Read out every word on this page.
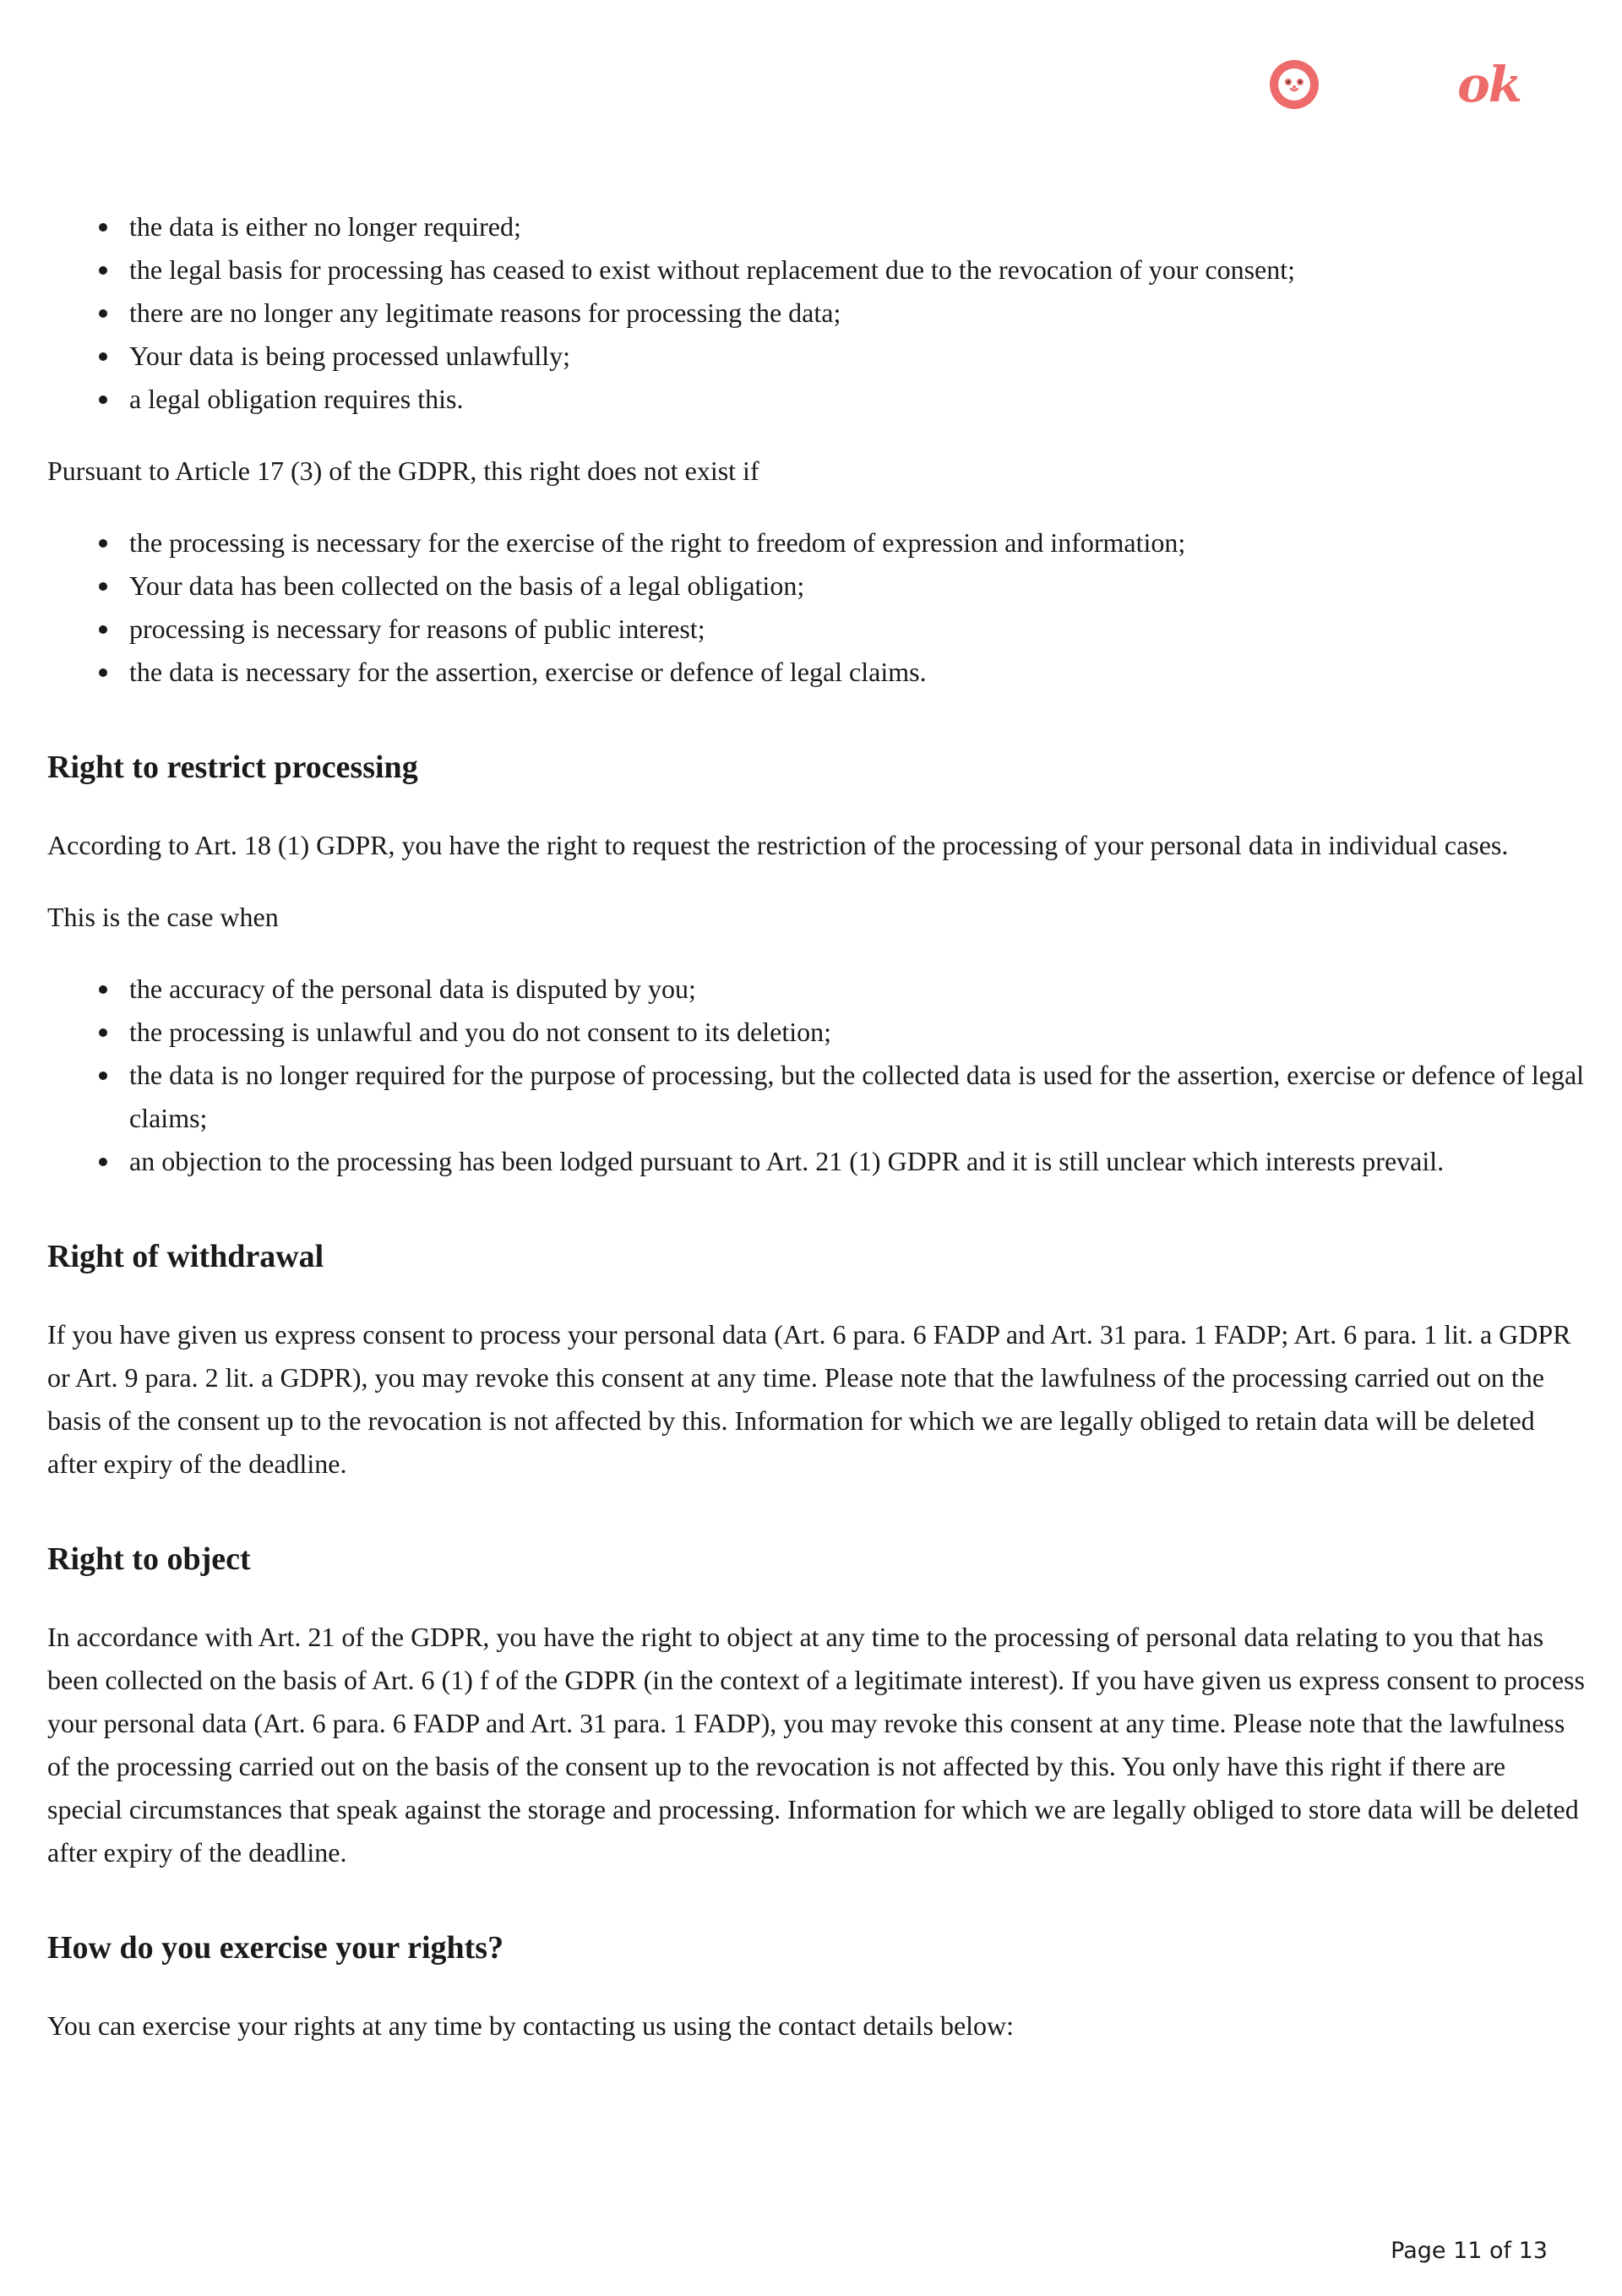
ok
the data is either no longer required;
the legal basis for processing has ceased to exist without replacement due to the revocation of your consent;
there are no longer any legitimate reasons for processing the data;
Your data is being processed unlawfully;
a legal obligation requires this.

Pursuant to Article 17 (3) of the GDPR, this right does not exist if

the processing is necessary for the exercise of the right to freedom of expression and information;
Your data has been collected on the basis of a legal obligation;
processing is necessary for reasons of public interest;
the data is necessary for the assertion, exercise or defence of legal claims.
Right to restrict processing

According to Art. 18 (1) GDPR, you have the right to request the restriction of the processing of your personal data in individual cases.

This is the case when

the accuracy of the personal data is disputed by you;
the processing is unlawful and you do not consent to its deletion;
the data is no longer required for the purpose of processing, but the collected data is used for the assertion, exercise or defence of legal claims;
an objection to the processing has been lodged pursuant to Art. 21 (1) GDPR and it is still unclear which interests prevail.
Right of withdrawal

If you have given us express consent to process your personal data (Art. 6 para. 6 FADP and Art. 31 para. 1 FADP; Art. 6 para. 1 lit. a GDPR or Art. 9 para. 2 lit. a GDPR), you may revoke this consent at any time. Please note that the lawfulness of the processing carried out on the basis of the consent up to the revocation is not affected by this. Information for which we are legally obliged to retain data will be deleted after expiry of the deadline.

Right to object

In accordance with Art. 21 of the GDPR, you have the right to object at any time to the processing of personal data relating to you that has been collected on the basis of Art. 6 (1) f of the GDPR (in the context of a legitimate interest). If you have given us express consent to process your personal data (Art. 6 para. 6 FADP and Art. 31 para. 1 FADP), you may revoke this consent at any time. Please note that the lawfulness of the processing carried out on the basis of the consent up to the revocation is not affected by this. You only have this right if there are special circumstances that speak against the storage and processing. Information for which we are legally obliged to store data will be deleted after expiry of the deadline.

How do you exercise your rights?

You can exercise your rights at any time by contacting us using the contact details below:

Page 11 of 13
